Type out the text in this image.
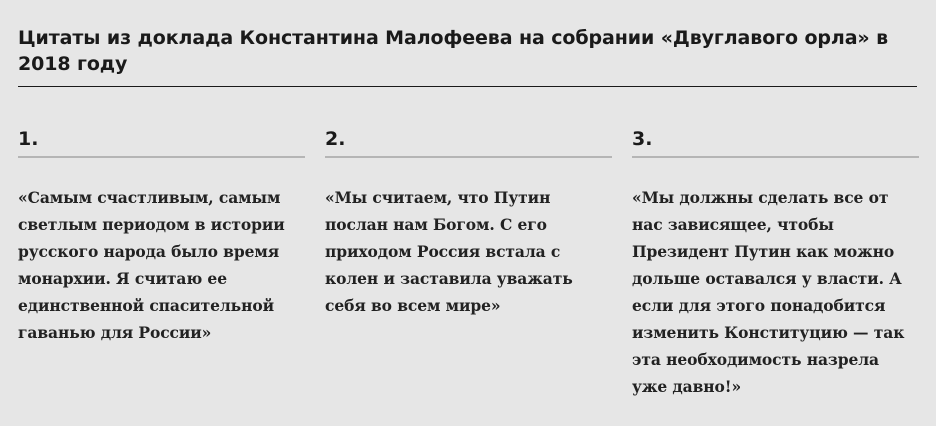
Цитаты из доклада Константина Малофеева на собрании «Двуглавого орла» в 2018 году
1.

«Самым счастливым, самым светлым периодом в истории русского народа было время монархии. Я считаю ее единственной спасительной гаванью для России»

2.

«Мы считаем, что Путин послан нам Богом. С его приходом Россия встала с колен и заставила уважать себя во всем мире»

3.

«Мы должны сделать все от нас зависящее, чтобы Президент Путин как можно дольше оставался у власти. А если для этого понадобится изменить Конституцию — так эта необходимость назрела уже давно!»
